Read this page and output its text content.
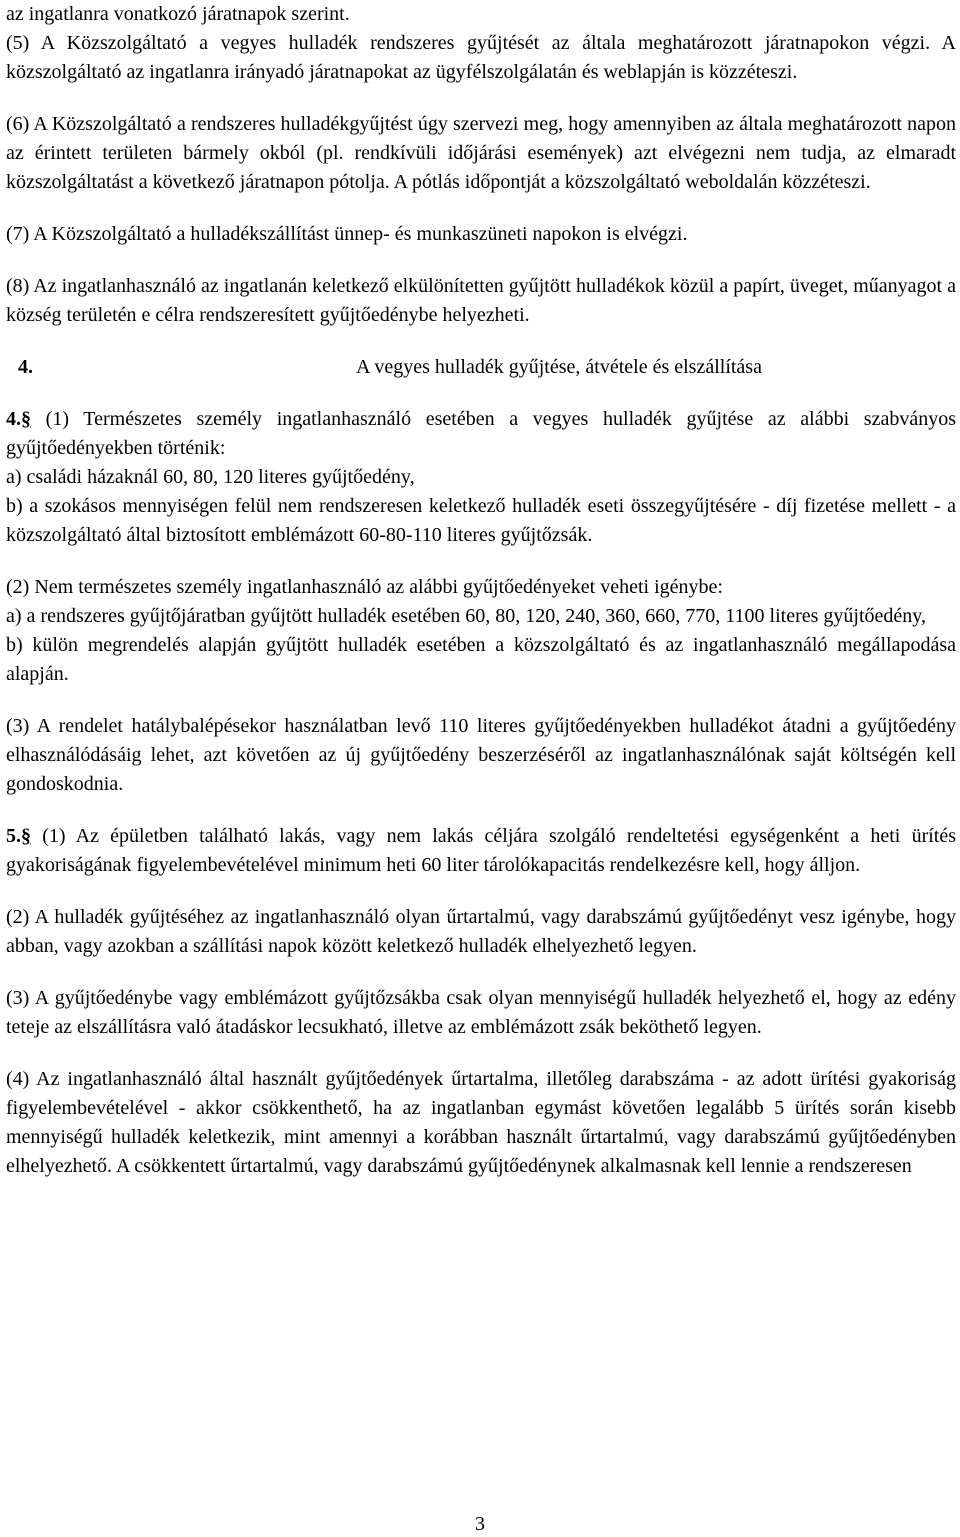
az ingatlanra vonatkozó járatnapok szerint.

(5) A Közszolgáltató a vegyes hulladék rendszeres gyűjtését az általa meghatározott járatnapokon végzi. A közszolgáltató az ingatlanra irányadó járatnapokat az ügyfélszolgálatán és weblapján is közzéteszi.

(6) A Közszolgáltató a rendszeres hulladékgyűjtést úgy szervezi meg, hogy amennyiben az általa meghatározott napon az érintett területen bármely okból (pl. rendkívüli időjárási események) azt elvégezni nem tudja, az elmaradt közszolgáltatást a következő járatnapon pótolja. A pótlás időpontját a közszolgáltató weboldalán közzéteszi.

(7) A Közszolgáltató a hulladékszállítást ünnep- és munkaszüneti napokon is elvégzi.

(8) Az ingatlanhasználó az ingatlanán keletkező elkülönítetten gyűjtött hulladékok közül a papírt, üveget, műanyagot a község területén e célra rendszeresített gyűjtőedénybe helyezheti.

4.	A vegyes hulladék gyűjtése, átvétele és elszállítása

4.§ (1) Természetes személy ingatlanhasználó esetében a vegyes hulladék gyűjtése az alábbi szabványos gyűjtőedényekben történik:

a) családi házaknál 60, 80, 120 literes gyűjtőedény,

b) a szokásos mennyiségen felül nem rendszeresen keletkező hulladék eseti összegyűjtésére - díj fizetése mellett - a közszolgáltató által biztosított emblémázott 60-80-110 literes gyűjtőzsák.

(2) Nem természetes személy ingatlanhasználó az alábbi gyűjtőedényeket veheti igénybe:

a) a rendszeres gyűjtőjáratban gyűjtött hulladék esetében 60, 80, 120, 240, 360, 660, 770, 1100 literes gyűjtőedény,

b) külön megrendelés alapján gyűjtött hulladék esetében a közszolgáltató és az ingatlanhasználó megállapodása alapján.

(3) A rendelet hatálybalépésekor használatban levő 110 literes gyűjtőedényekben hulladékot átadni a gyűjtőedény elhasználódásáig lehet, azt követően az új gyűjtőedény beszerzéséről az ingatlanhasználónak saját költségén kell gondoskodnia.

5.§ (1) Az épületben található lakás, vagy nem lakás céljára szolgáló rendeltetési egységenként a heti ürítés gyakoriságának figyelembevételével minimum heti 60 liter tárolókapacitás rendelkezésre kell, hogy álljon.

(2) A hulladék gyűjtéséhez az ingatlanhasználó olyan űrtartalmú, vagy darabszámú gyűjtőedényt vesz igénybe, hogy abban, vagy azokban a szállítási napok között keletkező hulladék elhelyezhető legyen.

(3) A gyűjtőedénybe vagy emblémázott gyűjtőzsákba csak olyan mennyiségű hulladék helyezhető el, hogy az edény teteje az elszállításra való átadáskor lecsukható, illetve az emblémázott zsák beköthető legyen.

(4) Az ingatlanhasználó által használt gyűjtőedények űrtartalma, illetőleg darabszáma - az adott ürítési gyakoriság figyelembevételével - akkor csökkenthető, ha az ingatlanban egymást követően legalább 5 ürítés során kisebb mennyiségű hulladék keletkezik, mint amennyi a korábban használt űrtartalmú, vagy darabszámú gyűjtőedényben elhelyezhető. A csökkentett űrtartalmú, vagy darabszámú gyűjtőedénynek alkalmasnak kell lennie a rendszeresen

3
